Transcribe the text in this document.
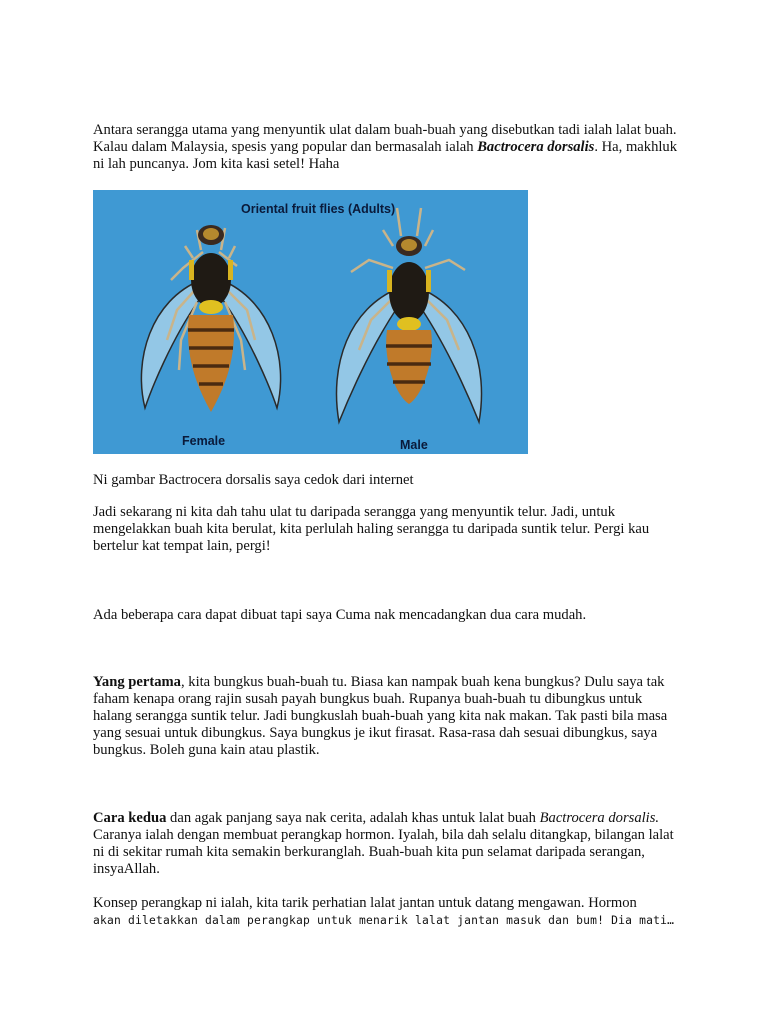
Antara serangga utama yang menyuntik ulat dalam buah-buah yang disebutkan tadi ialah lalat buah. Kalau dalam Malaysia, spesis yang popular dan bermasalah ialah Bactrocera dorsalis. Ha, makhluk ni lah puncanya. Jom kita kasi setel! Haha

Oriental fruit flies (Adults)
Female	Male

Ni gambar Bactrocera dorsalis saya cedok dari internet

Jadi sekarang ni kita dah tahu ulat tu daripada serangga yang menyuntik telur. Jadi, untuk mengelakkan buah kita berulat, kita perlulah haling serangga tu daripada suntik telur. Pergi kau bertelur kat tempat lain, pergi!

Ada beberapa cara dapat dibuat tapi saya Cuma nak mencadangkan dua cara mudah.

Yang pertama, kita bungkus buah-buah tu. Biasa kan nampak buah kena bungkus? Dulu saya tak faham kenapa orang rajin susah payah bungkus buah. Rupanya buah-buah tu dibungkus untuk halang serangga suntik telur. Jadi bungkuslah buah-buah yang kita nak makan. Tak pasti bila masa yang sesuai untuk dibungkus. Saya bungkus je ikut firasat. Rasa-rasa dah sesuai dibungkus, saya bungkus. Boleh guna kain atau plastik.

Cara kedua dan agak panjang saya nak cerita, adalah khas untuk lalat buah Bactrocera dorsalis. Caranya ialah dengan membuat perangkap hormon. Iyalah, bila dah selalu ditangkap, bilangan lalat ni di sekitar rumah kita semakin berkuranglah. Buah-buah kita pun selamat daripada serangan, insyaAllah.

Konsep perangkap ni ialah, kita tarik perhatian lalat jantan untuk datang mengawan. Hormon
akan diletakkan dalam perangkap untuk menarik lalat jantan masuk dan bum! Dia mati…
